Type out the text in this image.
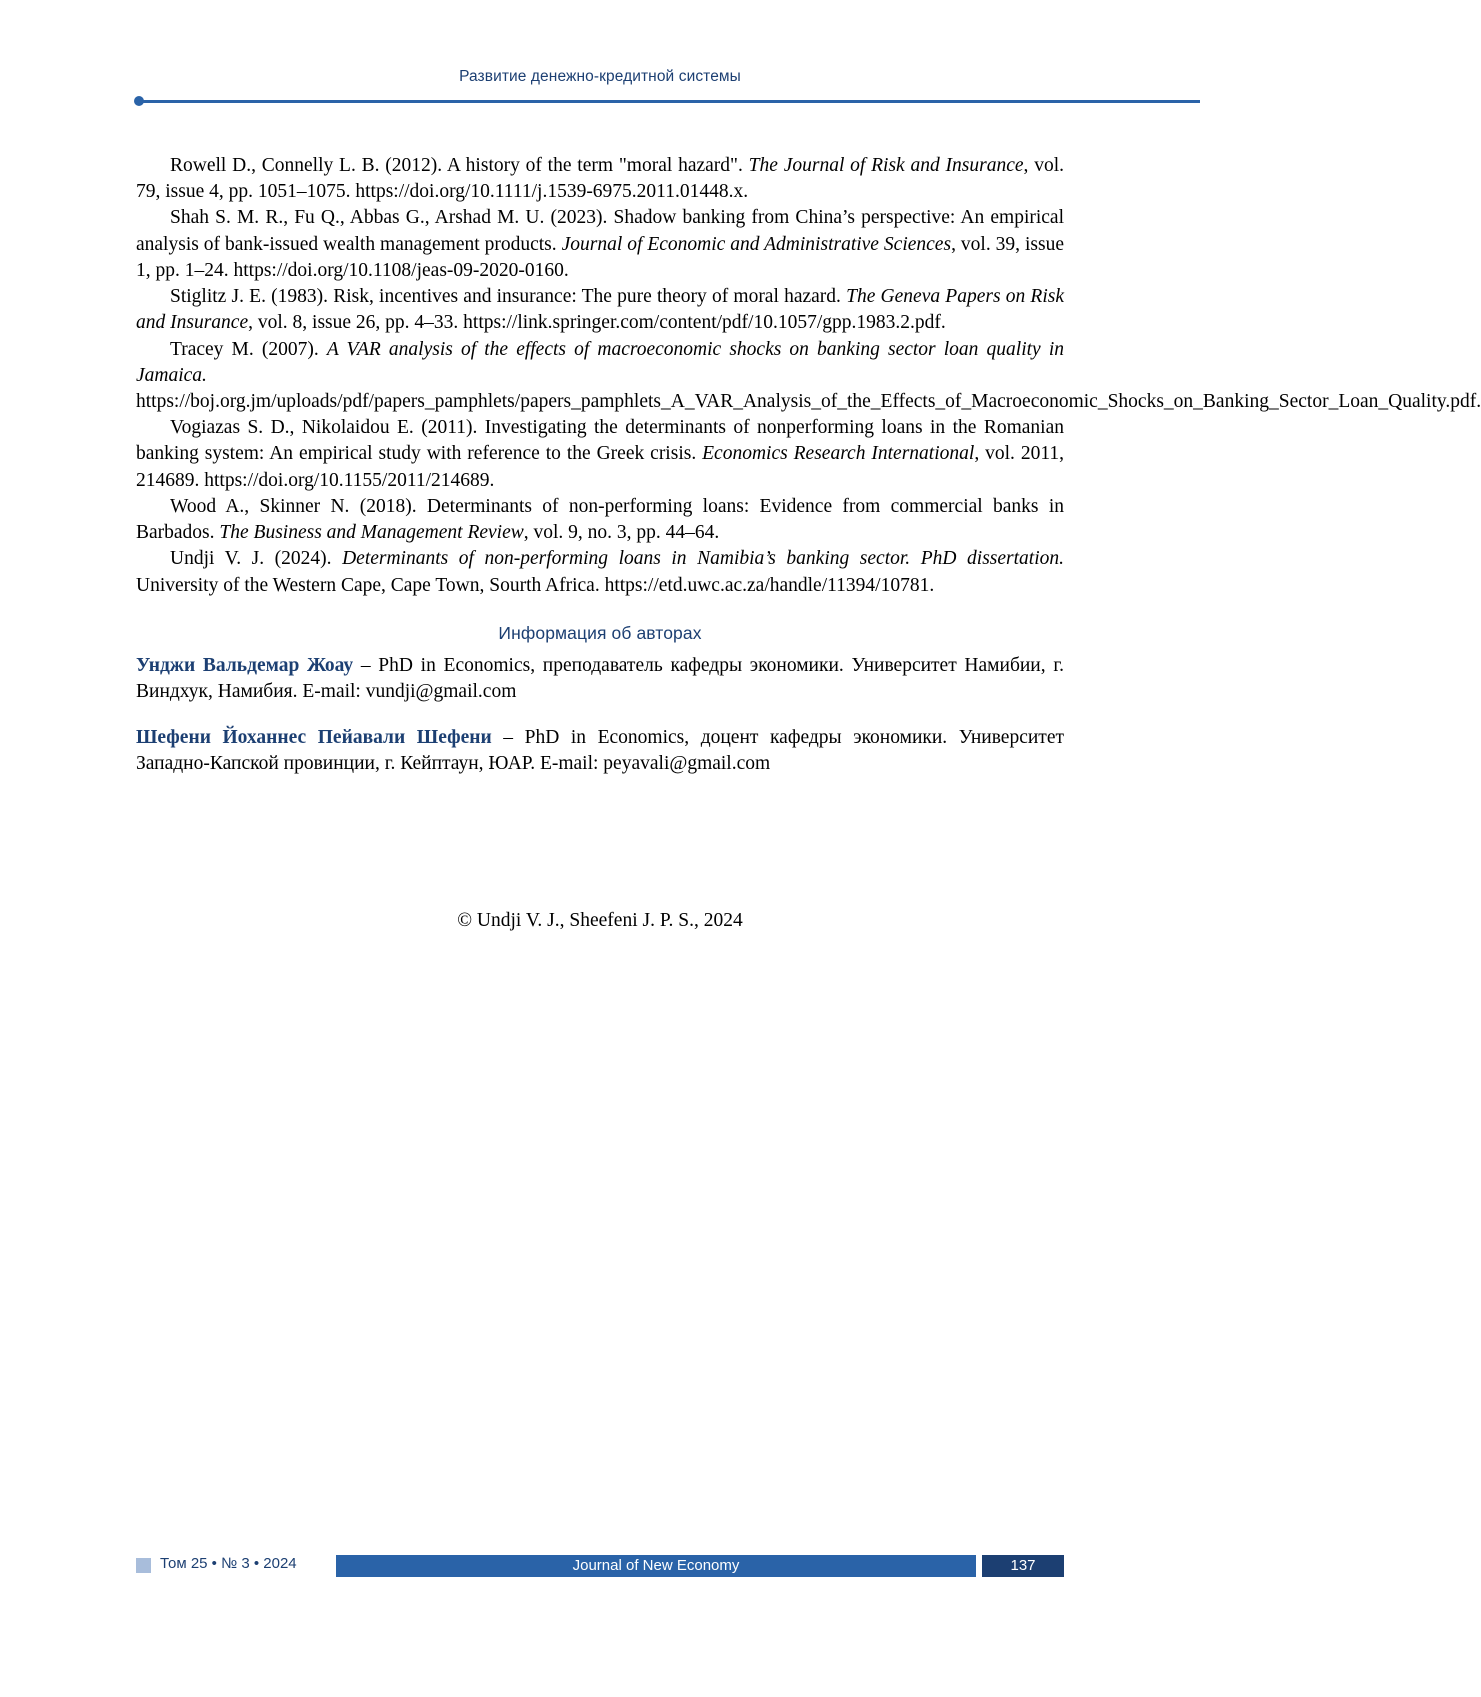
Развитие денежно-кредитной системы

Rowell D., Connelly L. B. (2012). A history of the term "moral hazard". The Journal of Risk and Insurance, vol. 79, issue 4, pp. 1051–1075. https://doi.org/10.1111/j.1539-6975.2011.01448.x.

Shah S. M. R., Fu Q., Abbas G., Arshad M. U. (2023). Shadow banking from China’s perspective: An empirical analysis of bank-issued wealth management products. Journal of Economic and Administrative Sciences, vol. 39, issue 1, pp. 1–24. https://doi.org/10.1108/jeas-09-2020-0160.

Stiglitz J. E. (1983). Risk, incentives and insurance: The pure theory of moral hazard. The Geneva Papers on Risk and Insurance, vol. 8, issue 26, pp. 4–33. https://link.springer.com/content/pdf/10.1057/gpp.1983.2.pdf.

Tracey M. (2007). A VAR analysis of the effects of macroeconomic shocks on banking sector loan quality in Jamaica. https://boj.org.jm/uploads/pdf/papers_pamphlets/papers_pamphlets_A_VAR_Analysis_of_the_Effects_of_Macroeconomic_Shocks_on_Banking_Sector_Loan_Quality.pdf.

Vogiazas S. D., Nikolaidou E. (2011). Investigating the determinants of nonperforming loans in the Romanian banking system: An empirical study with reference to the Greek crisis. Economics Research International, vol. 2011, 214689. https://doi.org/10.1155/2011/214689.

Wood A., Skinner N. (2018). Determinants of non-performing loans: Evidence from commercial banks in Barbados. The Business and Management Review, vol. 9, no. 3, pp. 44–64.

Undji V. J. (2024). Determinants of non-performing loans in Namibia’s banking sector. PhD dissertation. University of the Western Cape, Cape Town, Sourth Africa. https://etd.uwc.ac.za/handle/11394/10781.

Информация об авторах

Унджи Вальдемар Жоау – PhD in Economics, преподаватель кафедры экономики. Университет Намибии, г. Виндхук, Намибия. E-mail: vundji@gmail.com

Шефени Йоханнес Пейавали Шефени – PhD in Economics, доцент кафедры экономики. Университет Западно-Капской провинции, г. Кейптаун, ЮАР. E-mail: peyavali@gmail.com

© Undji V. J., Sheefeni J. P. S., 2024
Том 25 • № 3 • 2024	Journal of New Economy	137
